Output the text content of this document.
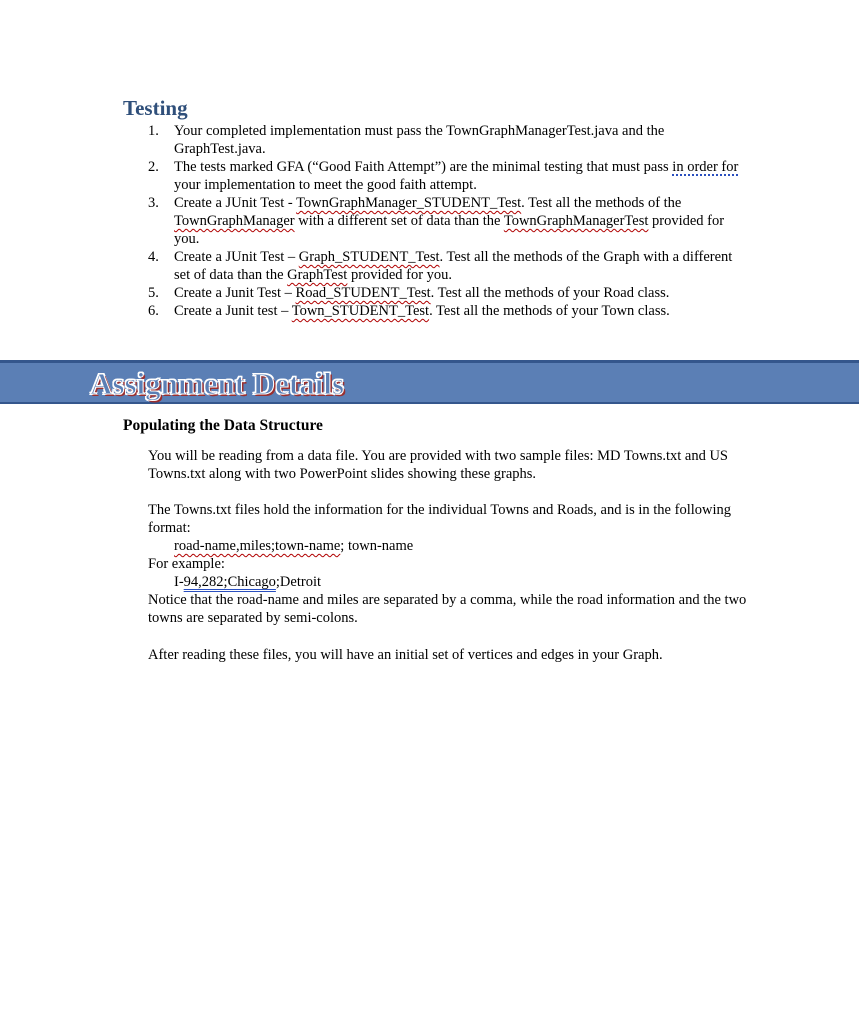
Testing
1. Your completed implementation must pass the TownGraphManagerTest.java and the GraphTest.java.
2. The tests marked GFA (“Good Faith Attempt”) are the minimal testing that must pass in order for your implementation to meet the good faith attempt.
3. Create a JUnit Test - TownGraphManager_STUDENT_Test. Test all the methods of the TownGraphManager with a different set of data than the TownGraphManagerTest provided for you.
4. Create a JUnit Test – Graph_STUDENT_Test. Test all the methods of the Graph with a different set of data than the GraphTest provided for you.
5. Create a Junit Test – Road_STUDENT_Test. Test all the methods of your Road class.
6. Create a Junit test – Town_STUDENT_Test. Test all the methods of your Town class.
Assignment Details
Populating the Data Structure

You will be reading from a data file. You are provided with two sample files: MD Towns.txt and US Towns.txt along with two PowerPoint slides showing these graphs.

The Towns.txt files hold the information for the individual Towns and Roads, and is in the following format:

road-name,miles;town-name; town-name

For example:

I-94,282;Chicago;Detroit

Notice that the road-name and miles are separated by a comma, while the road information and the two towns are separated by semi-colons.

After reading these files, you will have an initial set of vertices and edges in your Graph.
